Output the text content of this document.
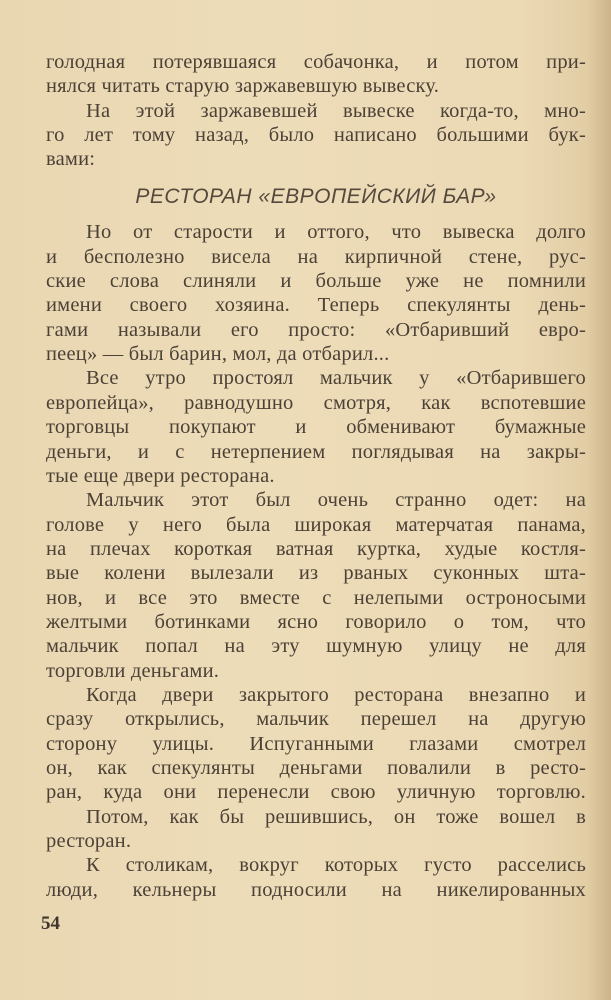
голодная потерявшаяся собачонка, и потом при-
нялся читать старую заржавевшую вывеску.
На этой заржавевшей вывеске когда-то, мно-
го лет тому назад, было написано большими бук-
вами:
РЕСТОРАН «ЕВРОПЕЙСКИЙ БАР»
Но от старости и оттого, что вывеска долго
и бесполезно висела на кирпичной стене, рус-
ские слова слиняли и больше уже не помнили
имени своего хозяина. Теперь спекулянты день-
гами называли его просто: «Отбаривший евро-
пеец» — был барин, мол, да отбарил...
Все утро простоял мальчик у «Отбарившего
европейца», равнодушно смотря, как вспотевшие
торговцы покупают и обменивают бумажные
деньги, и с нетерпением поглядывая на закры-
тые еще двери ресторана.
Мальчик этот был очень странно одет: на
голове у него была широкая матерчатая панама,
на плечах короткая ватная куртка, худые костля-
вые колени вылезали из рваных суконных шта-
нов, и все это вместе с нелепыми остроносыми
желтыми ботинками ясно говорило о том, что
мальчик попал на эту шумную улицу не для
торговли деньгами.
Когда двери закрытого ресторана внезапно и
сразу открылись, мальчик перешел на другую
сторону улицы. Испуганными глазами смотрел
он, как спекулянты деньгами повалили в ресто-
ран, куда они перенесли свою уличную торговлю.
Потом, как бы решившись, он тоже вошел в
ресторан.
К столикам, вокруг которых густо расселись
люди, кельнеры подносили на никелированных
54
